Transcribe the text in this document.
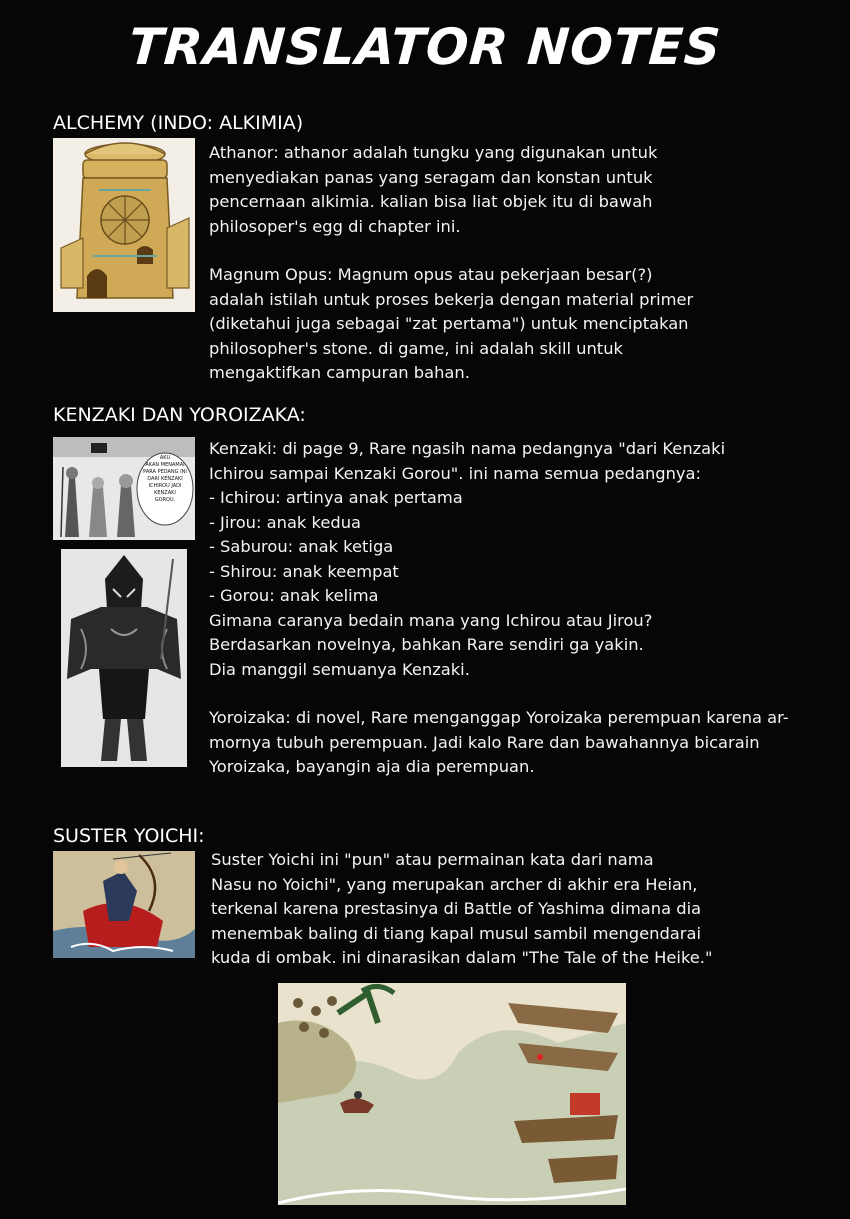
TRANSLATOR NOTES
ALCHEMY (INDO: ALKIMIA)
Athanor: athanor adalah tungku yang digunakan untuk
menyediakan panas yang seragam dan konstan untuk
pencernaan alkimia. kalian bisa liat objek itu di bawah
philosoper's egg di chapter ini.
Magnum Opus: Magnum opus atau pekerjaan besar(?)
adalah istilah untuk proses bekerja dengan material primer
(diketahui juga sebagai "zat pertama") untuk menciptakan
philosopher's stone. di game, ini adalah skill untuk
mengaktifkan campuran bahan.
KENZAKI DAN YOROIZAKA:
AKU
AKAN MENAMAI
PARA PEDANG INI
DARI KENZAKI
ICHIROU JADI
KENZAKI
GOROU.
Kenzaki: di page 9, Rare ngasih nama pedangnya "dari Kenzaki
Ichirou sampai Kenzaki Gorou". ini nama semua pedangnya:
- Ichirou: artinya anak pertama
- Jirou: anak kedua
- Saburou: anak ketiga
- Shirou: anak keempat
- Gorou: anak kelima
Gimana caranya bedain mana yang Ichirou atau Jirou?
Berdasarkan novelnya, bahkan Rare sendiri ga yakin.
Dia manggil semuanya Kenzaki.
Yoroizaka: di novel, Rare menganggap Yoroizaka perempuan karena ar-
mornya tubuh perempuan. Jadi kalo Rare dan bawahannya bicarain
Yoroizaka, bayangin aja dia perempuan.
SUSTER YOICHI:
Suster Yoichi ini "pun" atau permainan kata dari nama
Nasu no Yoichi", yang merupakan archer di akhir era Heian,
terkenal karena prestasinya di Battle of Yashima dimana dia
menembak baling di tiang kapal musul sambil mengendarai
kuda di ombak. ini dinarasikan dalam "The Tale of the Heike."
